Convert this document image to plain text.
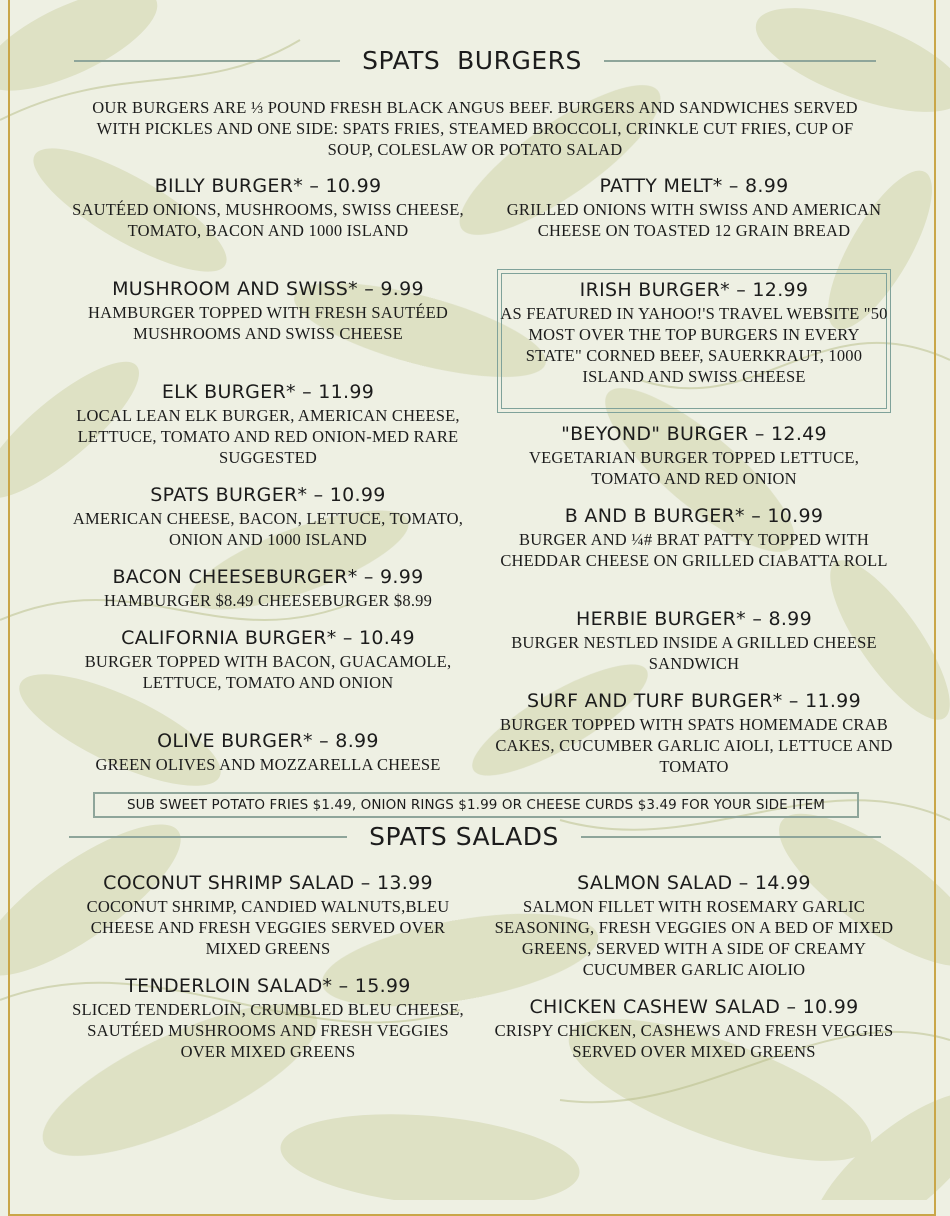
SPATS  BURGERS
OUR BURGERS ARE ⅓ POUND FRESH BLACK ANGUS BEEF. BURGERS AND SANDWICHES SERVED WITH PICKLES AND ONE SIDE: SPATS FRIES, STEAMED BROCCOLI, CRINKLE CUT FRIES, CUP OF SOUP, COLESLAW OR POTATO SALAD
BILLY BURGER* – 10.99
SAUTÉED ONIONS, MUSHROOMS, SWISS CHEESE, TOMATO, BACON AND 1000 ISLAND
MUSHROOM AND SWISS* – 9.99
HAMBURGER TOPPED WITH FRESH SAUTÉED MUSHROOMS AND SWISS CHEESE
ELK BURGER* – 11.99
LOCAL LEAN ELK BURGER, AMERICAN CHEESE, LETTUCE, TOMATO AND RED ONION-MED RARE SUGGESTED
SPATS BURGER* – 10.99
AMERICAN CHEESE, BACON, LETTUCE, TOMATO, ONION AND 1000 ISLAND
BACON CHEESEBURGER* – 9.99
HAMBURGER $8.49 CHEESEBURGER $8.99
CALIFORNIA BURGER* – 10.49
BURGER TOPPED WITH BACON, GUACAMOLE, LETTUCE, TOMATO AND ONION
OLIVE BURGER* – 8.99
GREEN OLIVES AND MOZZARELLA CHEESE
PATTY MELT* – 8.99
GRILLED ONIONS WITH SWISS AND AMERICAN CHEESE ON TOASTED 12 GRAIN BREAD
IRISH BURGER* – 12.99
AS FEATURED IN YAHOO!'S TRAVEL WEBSITE "50 MOST OVER THE TOP BURGERS IN EVERY STATE" CORNED BEEF, SAUERKRAUT, 1000 ISLAND AND SWISS CHEESE
"BEYOND" BURGER – 12.49
VEGETARIAN BURGER TOPPED LETTUCE, TOMATO AND RED ONION
B AND B BURGER* – 10.99
BURGER AND ¼# BRAT PATTY TOPPED WITH CHEDDAR CHEESE ON GRILLED CIABATTA ROLL
HERBIE BURGER* – 8.99
BURGER NESTLED INSIDE A GRILLED CHEESE SANDWICH
SURF AND TURF BURGER* – 11.99
BURGER TOPPED WITH SPATS HOMEMADE CRAB CAKES, CUCUMBER GARLIC AIOLI, LETTUCE AND TOMATO
SUB SWEET POTATO FRIES $1.49, ONION RINGS $1.99 OR CHEESE CURDS $3.49 FOR YOUR SIDE ITEM
SPATS SALADS
COCONUT SHRIMP SALAD – 13.99
COCONUT SHRIMP, CANDIED WALNUTS,BLEU CHEESE AND FRESH VEGGIES SERVED OVER MIXED GREENS
TENDERLOIN SALAD* – 15.99
SLICED TENDERLOIN, CRUMBLED BLEU CHEESE, SAUTÉED MUSHROOMS AND FRESH VEGGIES OVER MIXED GREENS
SALMON SALAD – 14.99
SALMON FILLET WITH ROSEMARY GARLIC SEASONING, FRESH VEGGIES ON A BED OF MIXED GREENS, SERVED WITH A SIDE OF CREAMY CUCUMBER GARLIC AIOLIO
CHICKEN CASHEW SALAD – 10.99
CRISPY CHICKEN, CASHEWS AND FRESH VEGGIES SERVED OVER MIXED GREENS
